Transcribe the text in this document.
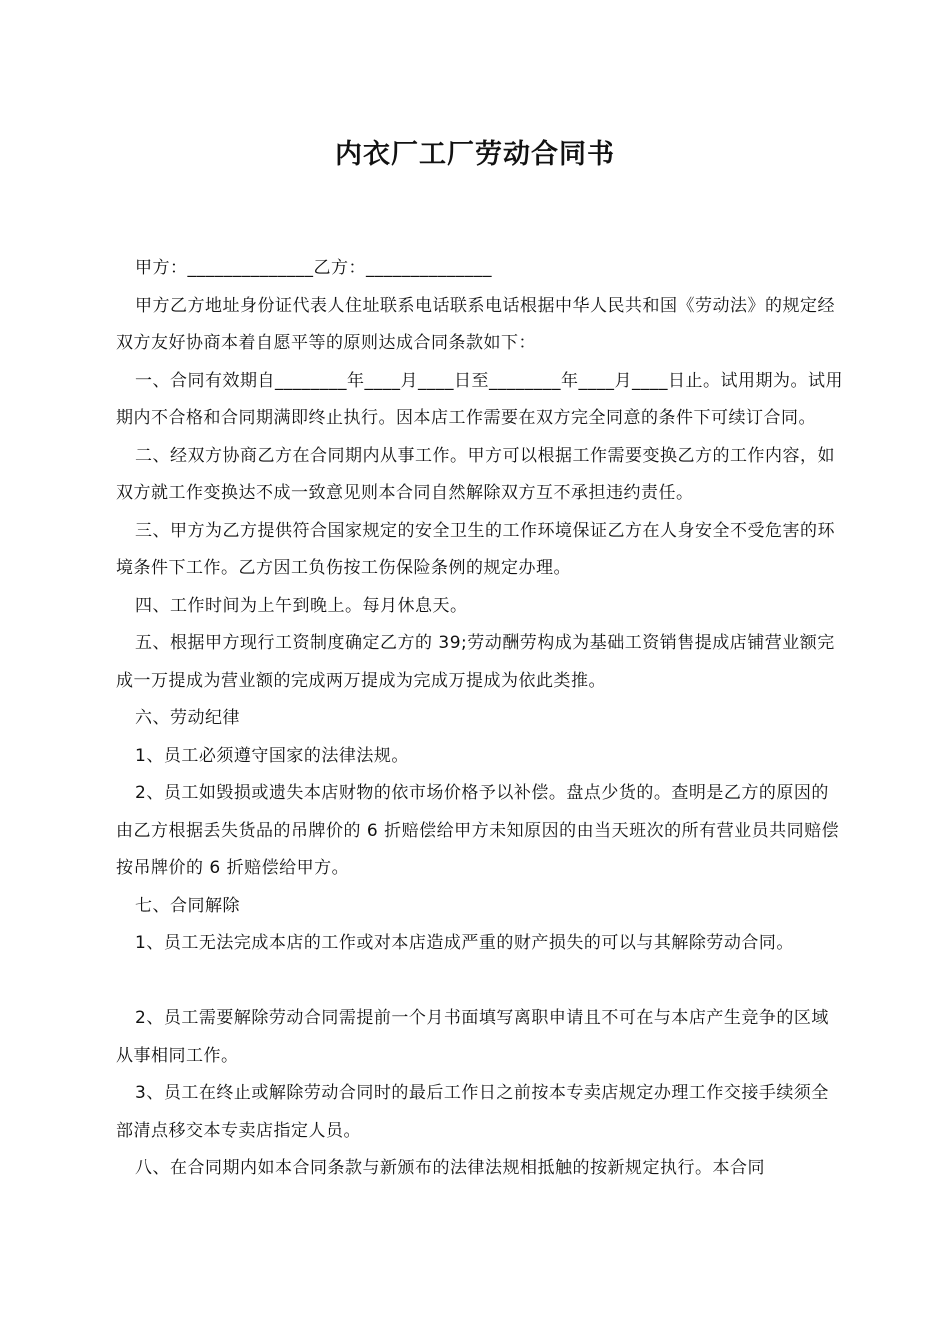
内衣厂工厂劳动合同书

甲方：______________乙方：______________

甲方乙方地址身份证代表人住址联系电话联系电话根据中华人民共和国《劳动法》的规定经双方友好协商本着自愿平等的原则达成合同条款如下：

一、合同有效期自________年____月____日至________年____月____日止。试用期为。试用期内不合格和合同期满即终止执行。因本店工作需要在双方完全同意的条件下可续订合同。

二、经双方协商乙方在合同期内从事工作。甲方可以根据工作需要变换乙方的工作内容，如双方就工作变换达不成一致意见则本合同自然解除双方互不承担违约责任。

三、甲方为乙方提供符合国家规定的安全卫生的工作环境保证乙方在人身安全不受危害的环境条件下工作。乙方因工负伤按工伤保险条例的规定办理。

四、工作时间为上午到晚上。每月休息天。

五、根据甲方现行工资制度确定乙方的 39;劳动酬劳构成为基础工资销售提成店铺营业额完成一万提成为营业额的完成两万提成为完成万提成为依此类推。

六、劳动纪律

1、员工必须遵守国家的法律法规。

2、员工如毁损或遗失本店财物的依市场价格予以补偿。盘点少货的。查明是乙方的原因的由乙方根据丢失货品的吊牌价的 6 折赔偿给甲方未知原因的由当天班次的所有营业员共同赔偿按吊牌价的 6 折赔偿给甲方。

七、合同解除

1、员工无法完成本店的工作或对本店造成严重的财产损失的可以与其解除劳动合同。

2、员工需要解除劳动合同需提前一个月书面填写离职申请且不可在与本店产生竞争的区域从事相同工作。

3、员工在终止或解除劳动合同时的最后工作日之前按本专卖店规定办理工作交接手续须全部清点移交本专卖店指定人员。

八、在合同期内如本合同条款与新颁布的法律法规相抵触的按新规定执行。本合同
